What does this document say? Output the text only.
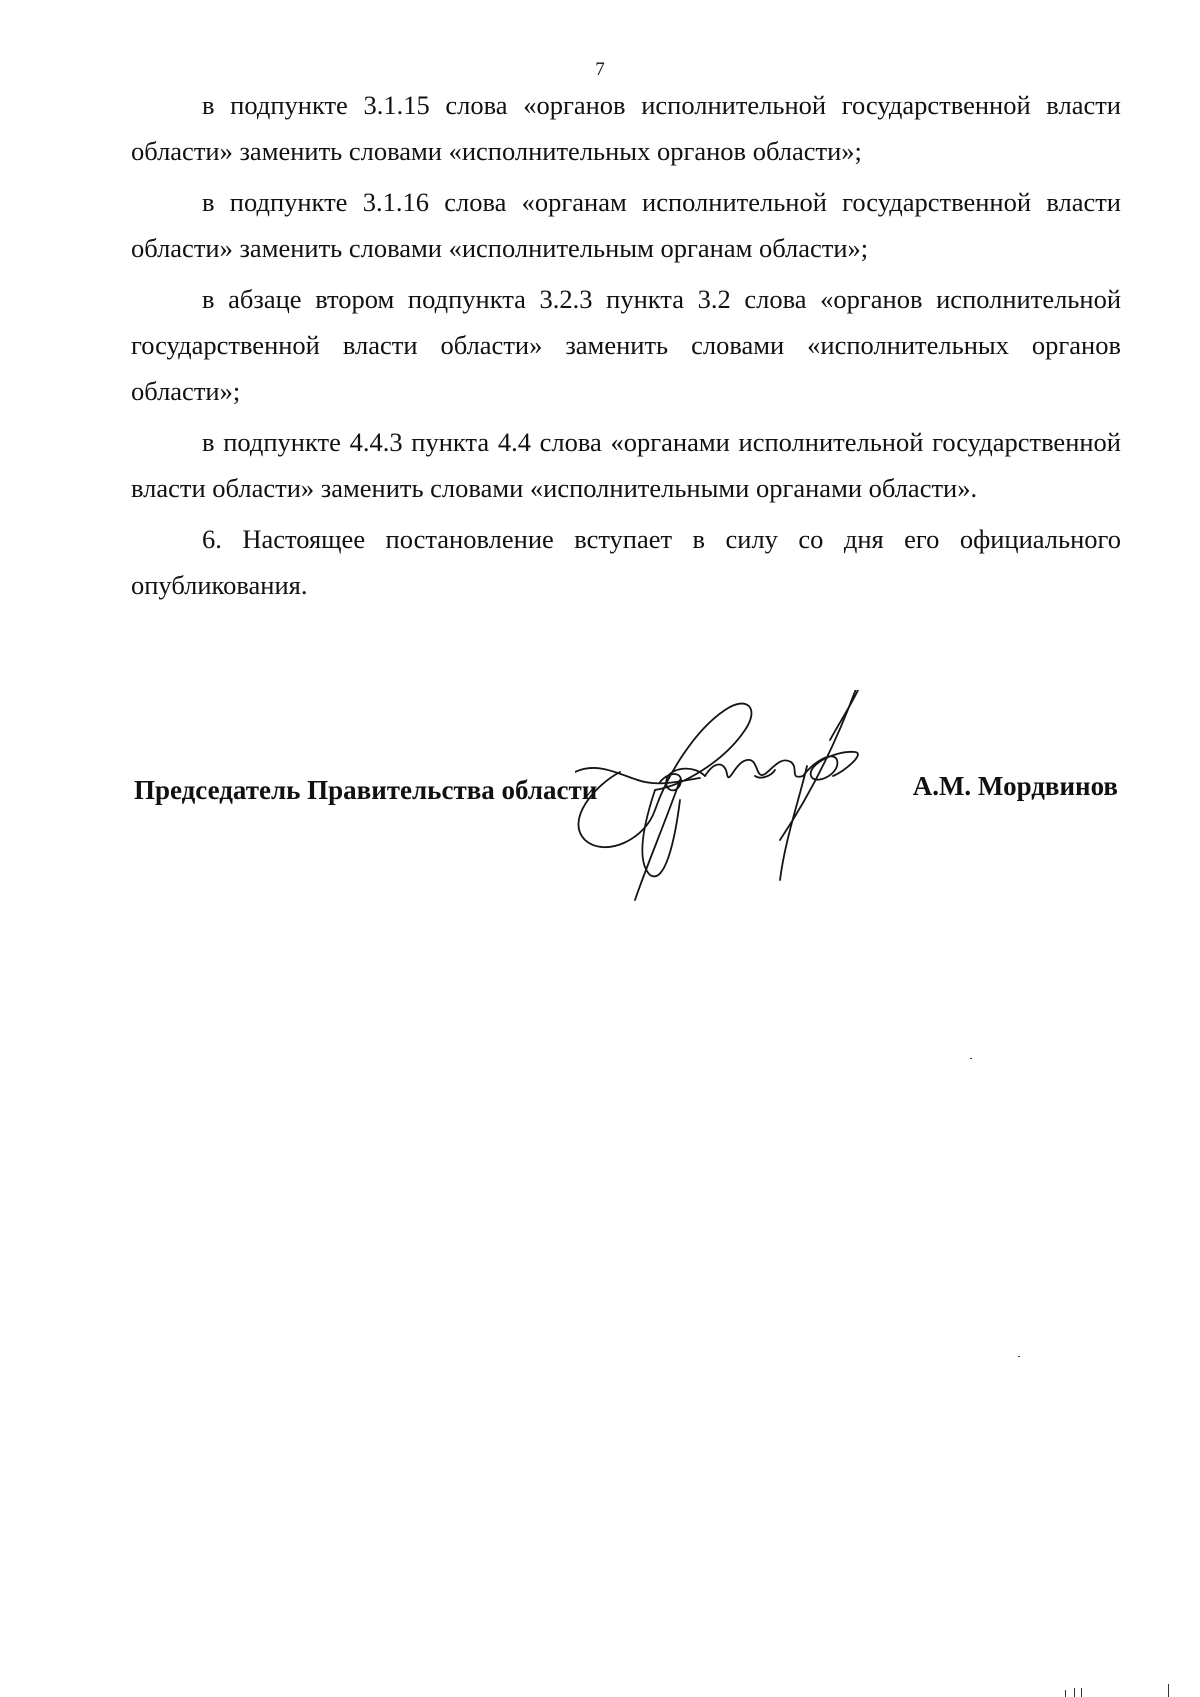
7

в подпункте 3.1.15 слова «органов исполнительной государственной власти области» заменить словами «исполнительных органов области»;

в подпункте 3.1.16 слова «органам исполнительной государственной власти области» заменить словами «исполнительным органам области»;

в абзаце втором подпункта 3.2.3 пункта 3.2 слова «органов исполнительной государственной власти области» заменить словами «исполнительных органов области»;

в подпункте 4.4.3 пункта 4.4 слова «органами исполнительной государственной власти области» заменить словами «исполнительными органами области».

6. Настоящее постановление вступает в силу со дня его официального опубликования.

Председатель Правительства области	А.М. Мордвинов
